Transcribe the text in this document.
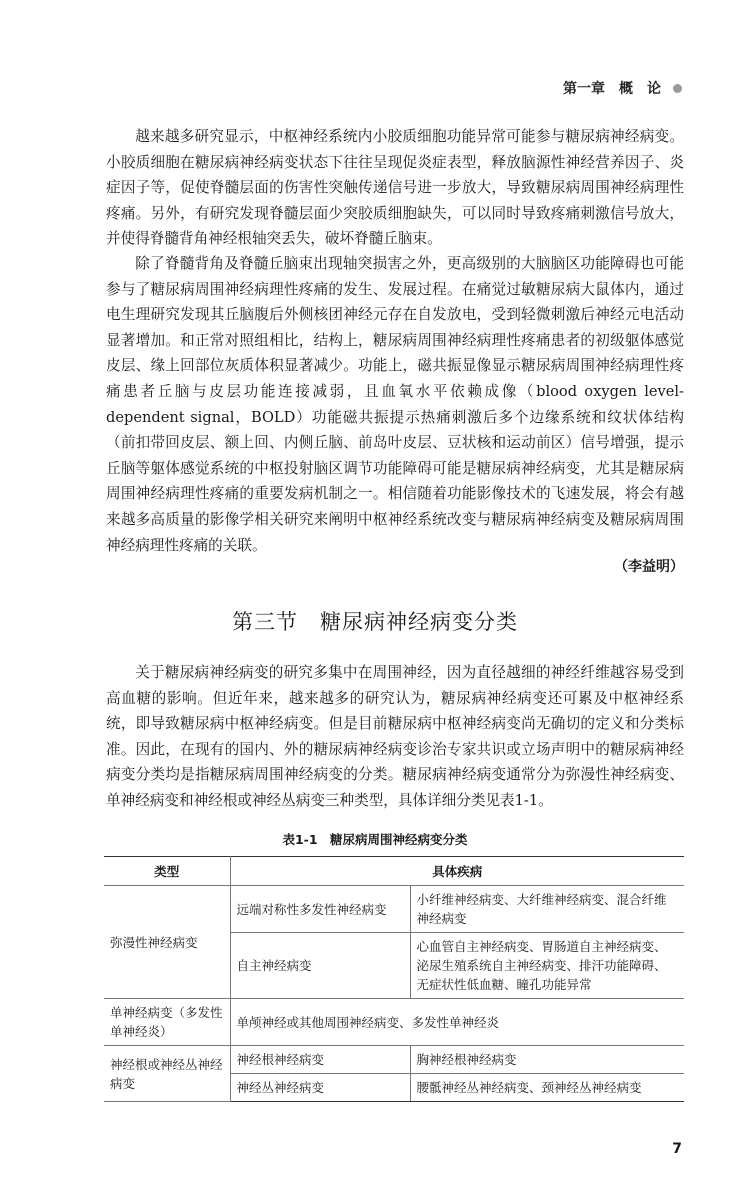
第一章　概　论

越来越多研究显示，中枢神经系统内小胶质细胞功能异常可能参与糖尿病神经病变。小胶质细胞在糖尿病神经病变状态下往往呈现促炎症表型，释放脑源性神经营养因子、炎症因子等，促使脊髓层面的伤害性突触传递信号进一步放大，导致糖尿病周围神经病理性疼痛。另外，有研究发现脊髓层面少突胶质细胞缺失，可以同时导致疼痛刺激信号放大，并使得脊髓背角神经根轴突丢失，破坏脊髓丘脑束。

除了脊髓背角及脊髓丘脑束出现轴突损害之外，更高级别的大脑脑区功能障碍也可能参与了糖尿病周围神经病理性疼痛的发生、发展过程。在痛觉过敏糖尿病大鼠体内，通过电生理研究发现其丘脑腹后外侧核团神经元存在自发放电，受到轻微刺激后神经元电活动显著增加。和正常对照组相比，结构上，糖尿病周围神经病理性疼痛患者的初级躯体感觉皮层、缘上回部位灰质体积显著减少。功能上，磁共振显像显示糖尿病周围神经病理性疼痛患者丘脑与皮层功能连接减弱，且血氧水平依赖成像（blood oxygen level-dependent signal，BOLD）功能磁共振提示热痛刺激后多个边缘系统和纹状体结构（前扣带回皮层、额上回、内侧丘脑、前岛叶皮层、豆状核和运动前区）信号增强，提示丘脑等躯体感觉系统的中枢投射脑区调节功能障碍可能是糖尿病神经病变，尤其是糖尿病周围神经病理性疼痛的重要发病机制之一。相信随着功能影像技术的飞速发展，将会有越来越多高质量的影像学相关研究来阐明中枢神经系统改变与糖尿病神经病变及糖尿病周围神经病理性疼痛的关联。

（李益明）
第三节　糖尿病神经病变分类

关于糖尿病神经病变的研究多集中在周围神经，因为直径越细的神经纤维越容易受到高血糖的影响。但近年来，越来越多的研究认为，糖尿病神经病变还可累及中枢神经系统，即导致糖尿病中枢神经病变。但是目前糖尿病中枢神经病变尚无确切的定义和分类标准。因此，在现有的国内、外的糖尿病神经病变诊治专家共识或立场声明中的糖尿病神经病变分类均是指糖尿病周围神经病变的分类。糖尿病神经病变通常分为弥漫性神经病变、单神经病变和神经根或神经丛病变三种类型，具体详细分类见表1-1。

表1-1　糖尿病周围神经病变分类
类型	具体疾病	
弥漫性神经病变	远端对称性多发性神经病变	小纤维神经病变、大纤维神经病变、混合纤维神经病变
	自主神经病变	心血管自主神经病变、胃肠道自主神经病变、泌尿生殖系统自主神经病变、排汗功能障碍、无症状性低血糖、瞳孔功能异常
单神经病变（多发性单神经炎）	单颅神经或其他周围神经病变、多发性单神经炎	
神经根或神经丛神经病变	神经根神经病变	胸神经根神经病变
	神经丛神经病变	腰骶神经丛神经病变、颈神经丛神经病变
7
